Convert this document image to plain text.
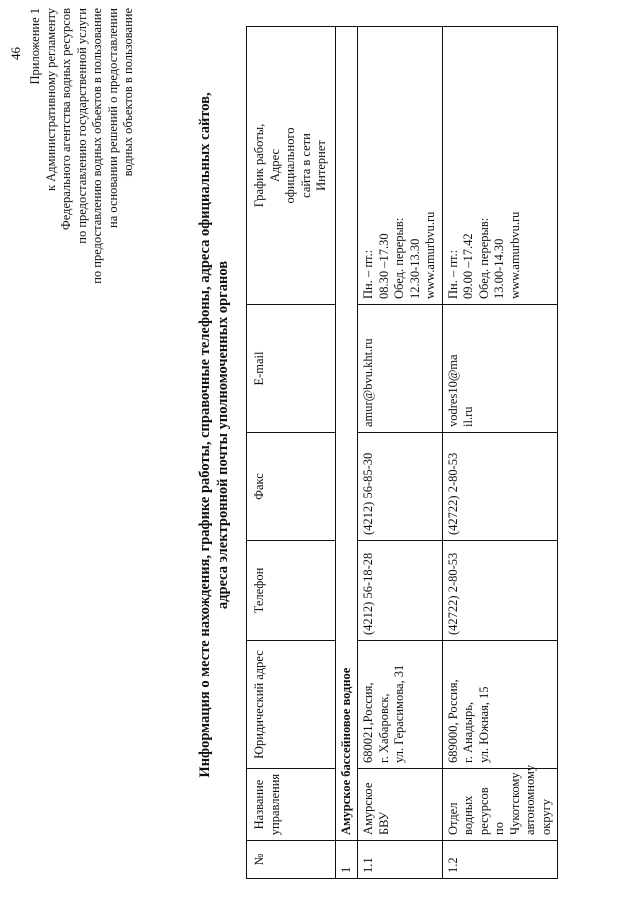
46 Приложение 1 к Административному регламенту Федерального агентства водных ресурсов по предоставлению государственной услуги по предоставлению водных объектов в пользование на основании решений о предоставлении водных объектов в пользование
Информация о месте нахождения, графике работы, справочные телефоны, адреса официальных сайтов, адреса электронной почты уполномоченных органов
№	Название
управления	Юридический адрес	Телефон	Факс	E-mail	График работы,
Адрес
официального
сайта в сети
Интернет
1	Амурское бассейновое водное					
1.1	Амурское БВУ	680021,Россия,
г. Хабаровск,
ул. Герасимова, 31	(4212) 56-18-28	(4212) 56-85-30	amur@bvu.kht.ru	Пн. – пт.:
08.30 –17.30
Обед. перерыв:
12.30-13.30
www.amurbvu.ru
1.2	Отдел водных
ресурсов по
Чукотскому
автономному
округу	689000, Россия,
г. Анадырь,
ул. Южная, 15	(42722) 2-80-53	(42722) 2-80-53	vodres10@ma
il.ru	Пн. – пт.:
09.00 –17.42
Обед. перерыв:
13.00-14.30
www.amurbvu.ru
